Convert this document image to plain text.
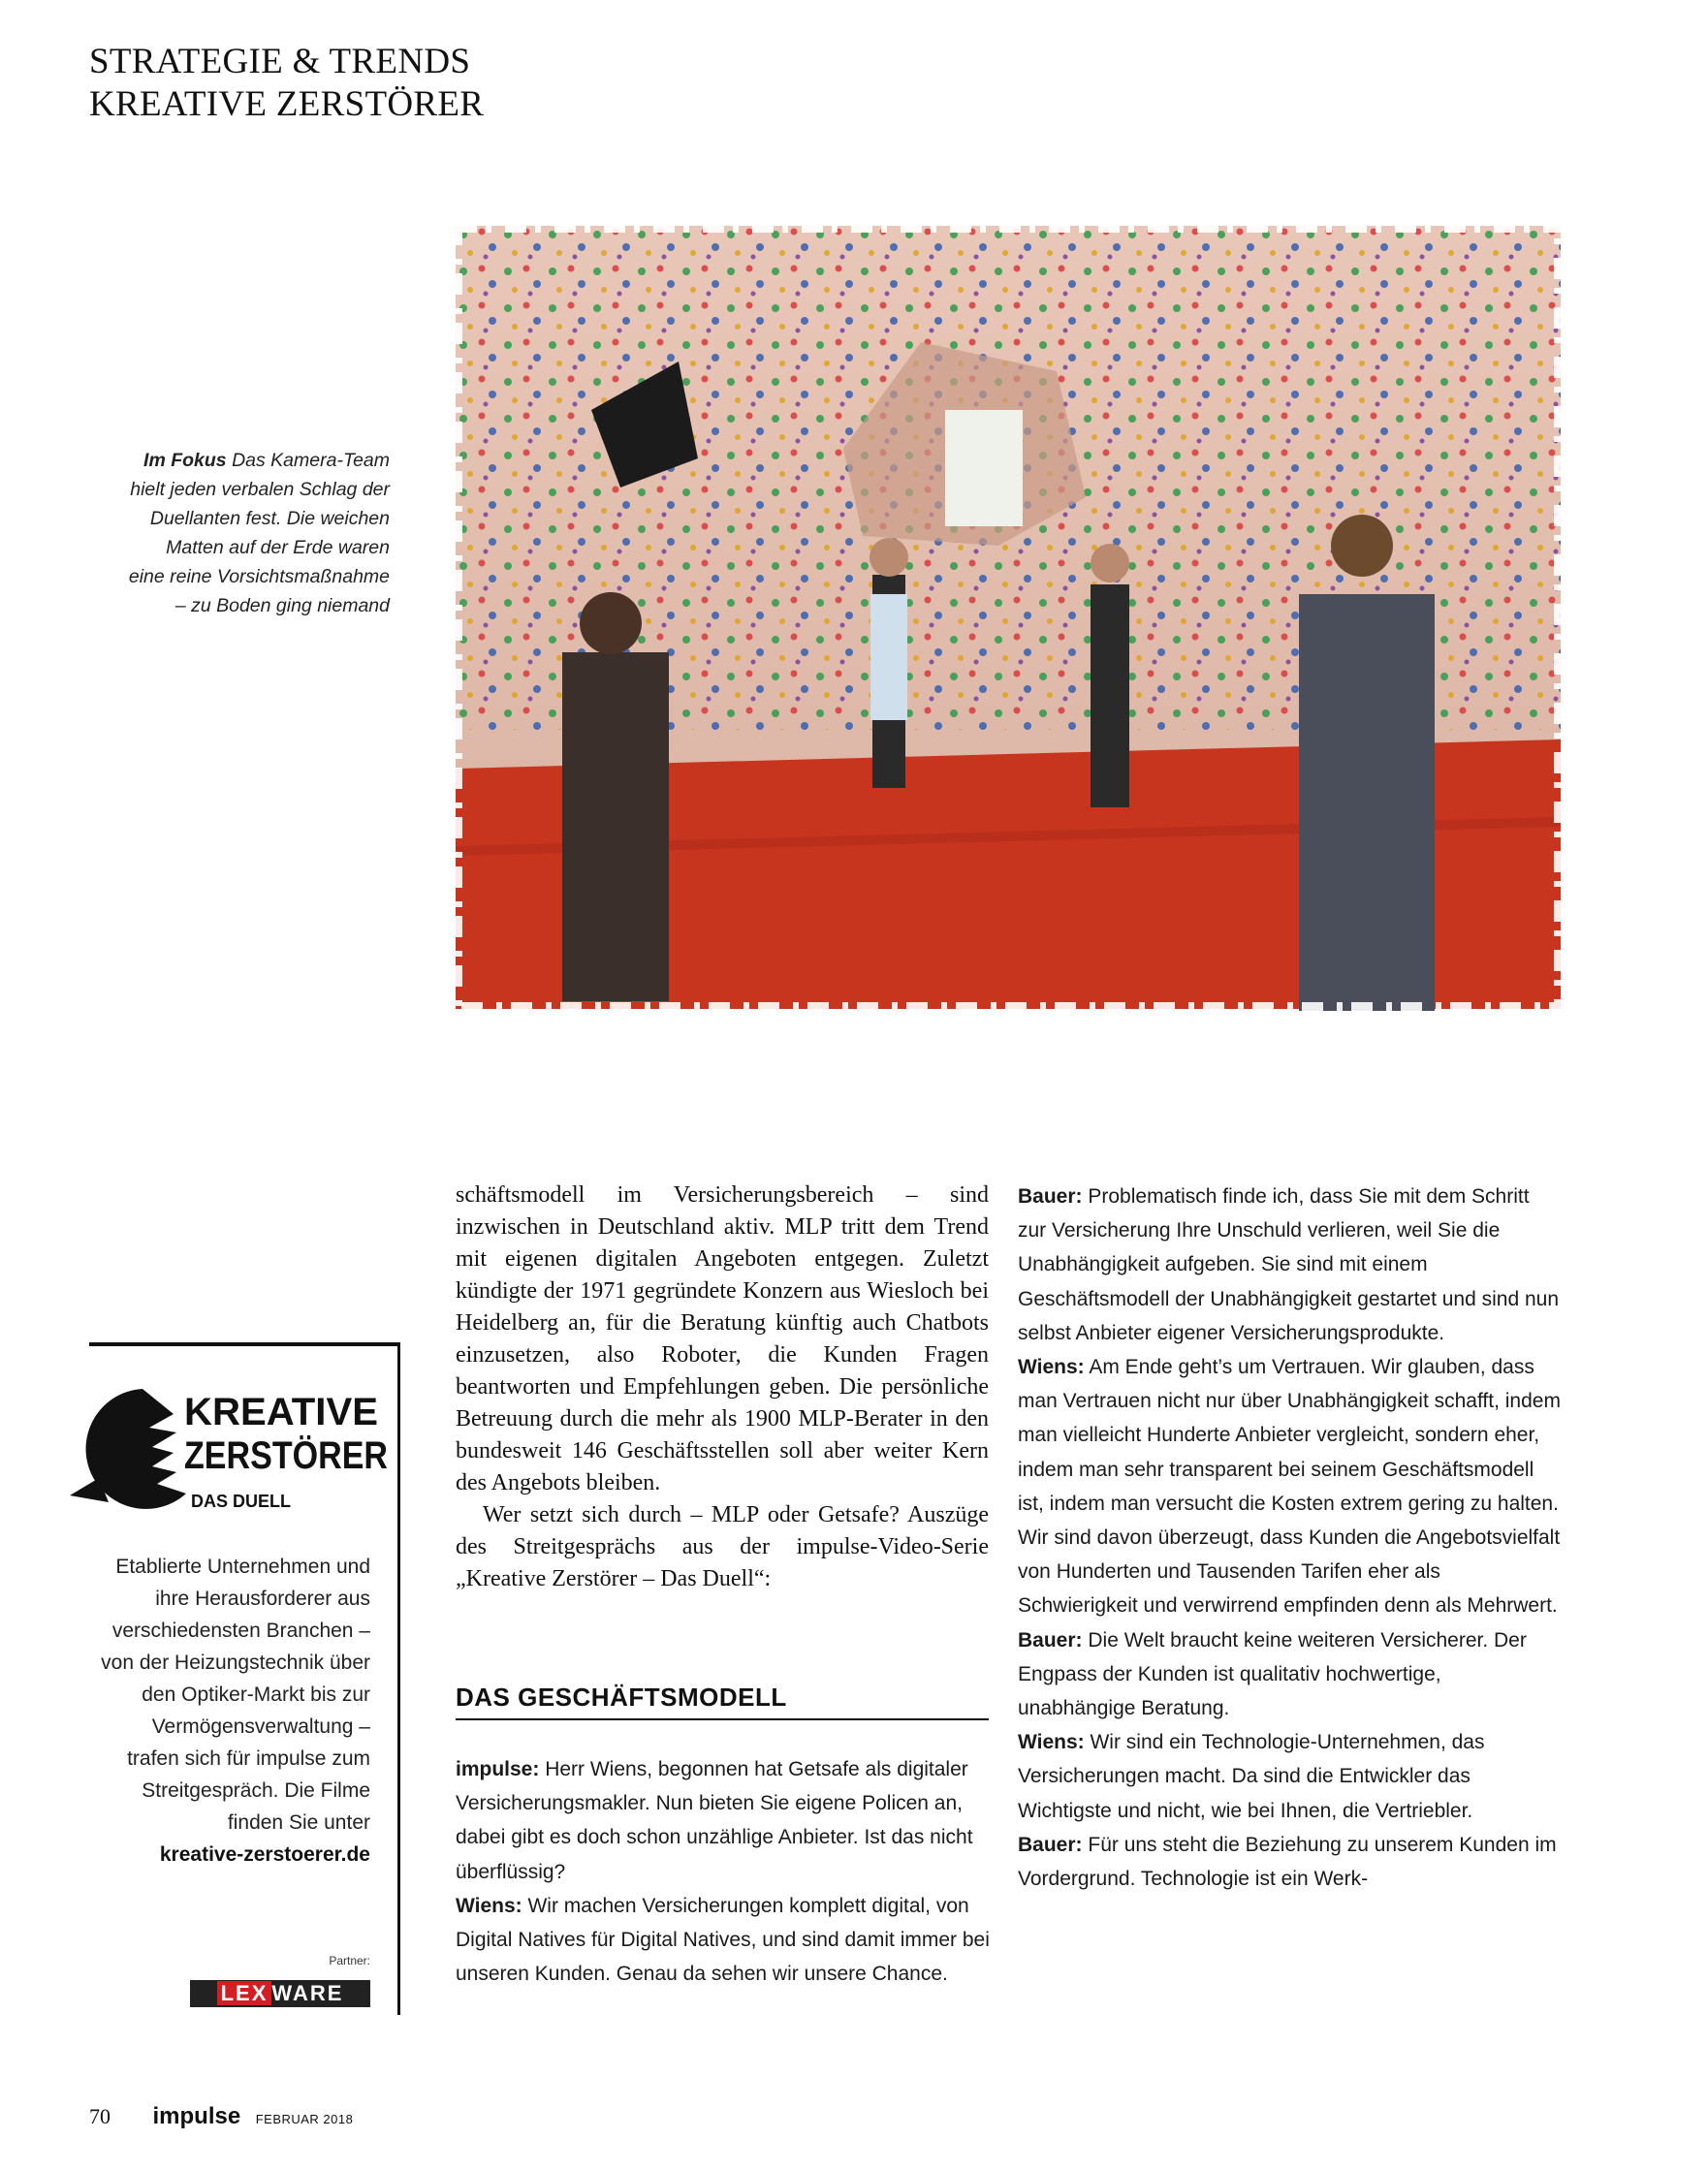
STRATEGIE & TRENDS
KREATIVE ZERSTÖRER
Im Fokus Das Kamera-Team hielt jeden verbalen Schlag der Duellanten fest. Die weichen Matten auf der Erde waren eine reine Vorsichtsmaßnahme – zu Boden ging niemand

schäftsmodell im Versicherungsbereich – sind inzwischen in Deutschland aktiv. MLP tritt dem Trend mit eigenen digitalen Angeboten entgegen. Zuletzt kündigte der 1971 gegründete Konzern aus Wiesloch bei Heidelberg an, für die Beratung künftig auch Chatbots einzusetzen, also Roboter, die Kunden Fragen beantworten und Empfehlungen geben. Die persönliche Betreuung durch die mehr als 1900 MLP-Berater in den bundesweit 146 Geschäftsstellen soll aber weiter Kern des Angebots bleiben.

Wer setzt sich durch – MLP oder Getsafe? Auszüge des Streitgesprächs aus der impulse-Video-Serie „Kreative Zerstörer – Das Duell“:

DAS GESCHÄFTSMODELL

impulse: Herr Wiens, begonnen hat Getsafe als digitaler Versicherungsmakler. Nun bieten Sie eigene Policen an, dabei gibt es doch schon unzählige Anbieter. Ist das nicht überflüssig?

Wiens: Wir machen Versicherungen komplett digital, von Digital Natives für Digital Natives, und sind damit immer bei unseren Kunden. Genau da sehen wir unsere Chance.

Bauer: Problematisch finde ich, dass Sie mit dem Schritt zur Versicherung Ihre Unschuld verlieren, weil Sie die Unabhängigkeit aufgeben. Sie sind mit einem Geschäftsmodell der Unabhängigkeit gestartet und sind nun selbst Anbieter eigener Versicherungsprodukte.

Wiens: Am Ende geht’s um Vertrauen. Wir glauben, dass man Vertrauen nicht nur über Unabhängigkeit schafft, indem man vielleicht Hunderte Anbieter vergleicht, sondern eher, indem man sehr transparent bei seinem Geschäftsmodell ist, indem man versucht die Kosten extrem gering zu halten. Wir sind davon überzeugt, dass Kunden die Angebotsvielfalt von Hunderten und Tausenden Tarifen eher als Schwierigkeit und verwirrend empfinden denn als Mehrwert.

Bauer: Die Welt braucht keine weiteren Versicherer. Der Engpass der Kunden ist qualitativ hochwertige, unabhängige Beratung.

Wiens: Wir sind ein Technologie-Unternehmen, das Versicherungen macht. Da sind die Entwickler das Wichtigste und nicht, wie bei Ihnen, die Vertriebler.

Bauer: Für uns steht die Beziehung zu unserem Kunden im Vordergrund. Technologie ist ein Werk-

KREATIVE
ZERSTÖRER
DAS DUELL

Etablierte Unternehmen und ihre Herausforderer aus verschiedensten Branchen – von der Heizungstechnik über den Optiker-Markt bis zur Vermögensverwaltung – trafen sich für impulse zum Streitgespräch. Die Filme finden Sie unter

kreative-zerstoerer.de

Partner:
LEX WARE
70 impulse FEBRUAR 2018
